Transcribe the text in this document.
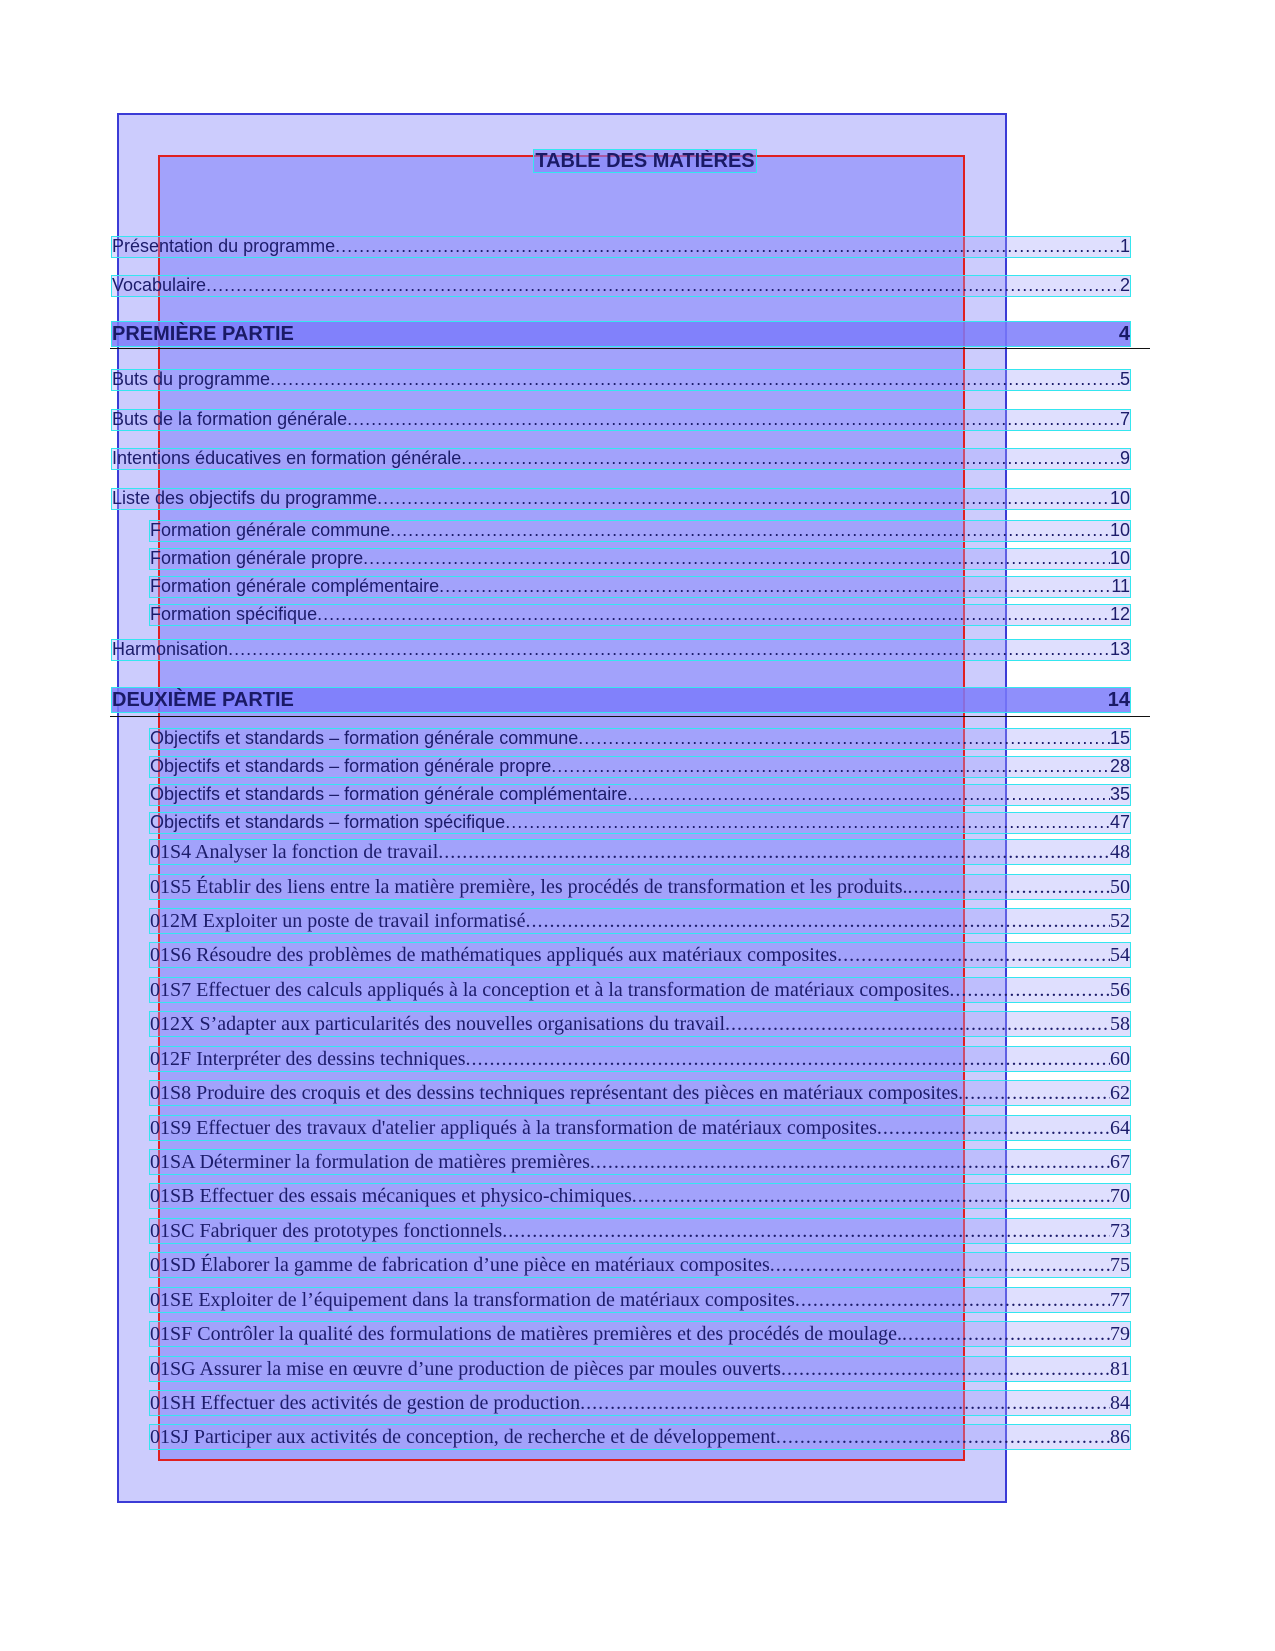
TABLE DES MATIÈRES
Présentation du programme .....	1
Vocabulaire .....	2
PREMIÈRE PARTIE	4
Buts du programme .....	5
Buts de la formation générale .....	7
Intentions éducatives en formation générale .....	9
Liste des objectifs du programme .....	10
Formation générale commune .....	10
Formation générale propre .....	10
Formation générale complémentaire .....	11
Formation spécifique .....	12
Harmonisation .....	13
DEUXIÈME PARTIE	14
Objectifs et standards – formation générale commune .....	15
Objectifs et standards – formation générale propre .....	28
Objectifs et standards – formation générale complémentaire .....	35
Objectifs et standards – formation spécifique .....	47
01S4 Analyser la fonction de travail .....	48
01S5 Établir des liens entre la matière première, les procédés de transformation et les produits. .....	50
012M Exploiter un poste de travail informatisé .....	52
01S6 Résoudre des problèmes de mathématiques appliqués aux matériaux composites .....	54
01S7 Effectuer des calculs appliqués à la conception et à la transformation de matériaux composites .....	56
012X S’adapter aux particularités des nouvelles organisations du travail .....	58
012F Interpréter des dessins techniques .....	60
01S8 Produire des croquis et des dessins techniques représentant des pièces en matériaux composites .....	62
01S9 Effectuer des travaux d'atelier appliqués à la transformation de matériaux composites .....	64
01SA Déterminer la formulation de matières premières .....	67
01SB Effectuer des essais mécaniques et physico-chimiques .....	70
01SC Fabriquer des prototypes fonctionnels .....	73
01SD Élaborer la gamme de fabrication d’une pièce en matériaux composites .....	75
01SE Exploiter de l’équipement dans la transformation de matériaux composites .....	77
01SF Contrôler la qualité des formulations de matières premières et des procédés de moulage. .....	79
01SG Assurer la mise en œuvre d’une production de pièces par moules ouverts .....	81
01SH Effectuer des activités de gestion de production .....	84
01SJ Participer aux activités de conception, de recherche et de développement .....	86
